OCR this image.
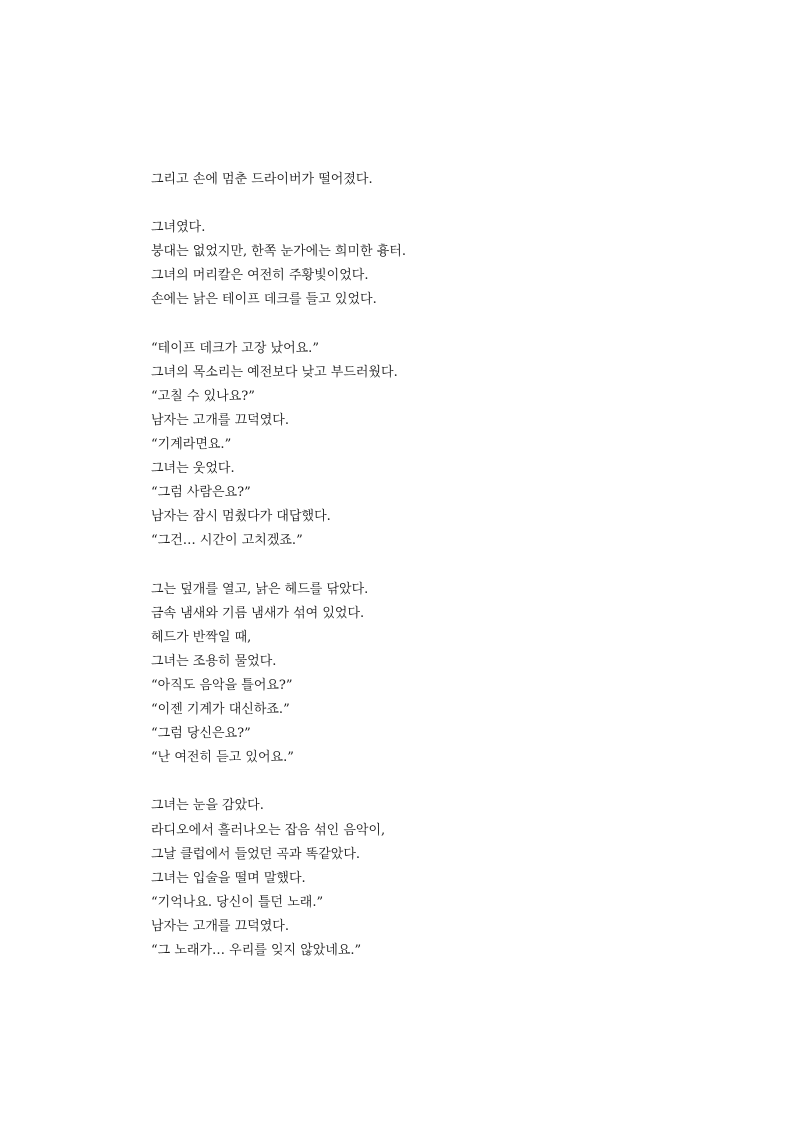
그리고 손에 멈춘 드라이버가 떨어졌다.
그녀였다.
붕대는 없었지만, 한쪽 눈가에는 희미한 흉터.
그녀의 머리칼은 여전히 주황빛이었다.
손에는 낡은 테이프 데크를 들고 있었다.
“테이프 데크가 고장 났어요.”
그녀의 목소리는 예전보다 낮고 부드러웠다.
“고칠 수 있나요?”
남자는 고개를 끄덕였다.
“기계라면요.”
그녀는 웃었다.
“그럼 사람은요?”
남자는 잠시 멈췄다가 대답했다.
“그건… 시간이 고치겠죠.”
그는 덮개를 열고, 낡은 헤드를 닦았다.
금속 냄새와 기름 냄새가 섞여 있었다.
헤드가 반짝일 때,
그녀는 조용히 물었다.
“아직도 음악을 틀어요?”
“이젠 기계가 대신하죠.”
“그럼 당신은요?”
“난 여전히 듣고 있어요.”
그녀는 눈을 감았다.
라디오에서 흘러나오는 잡음 섞인 음악이,
그날 클럽에서 들었던 곡과 똑같았다.
그녀는 입술을 떨며 말했다.
“기억나요. 당신이 틀던 노래.”
남자는 고개를 끄덕였다.
“그 노래가… 우리를 잊지 않았네요.”
